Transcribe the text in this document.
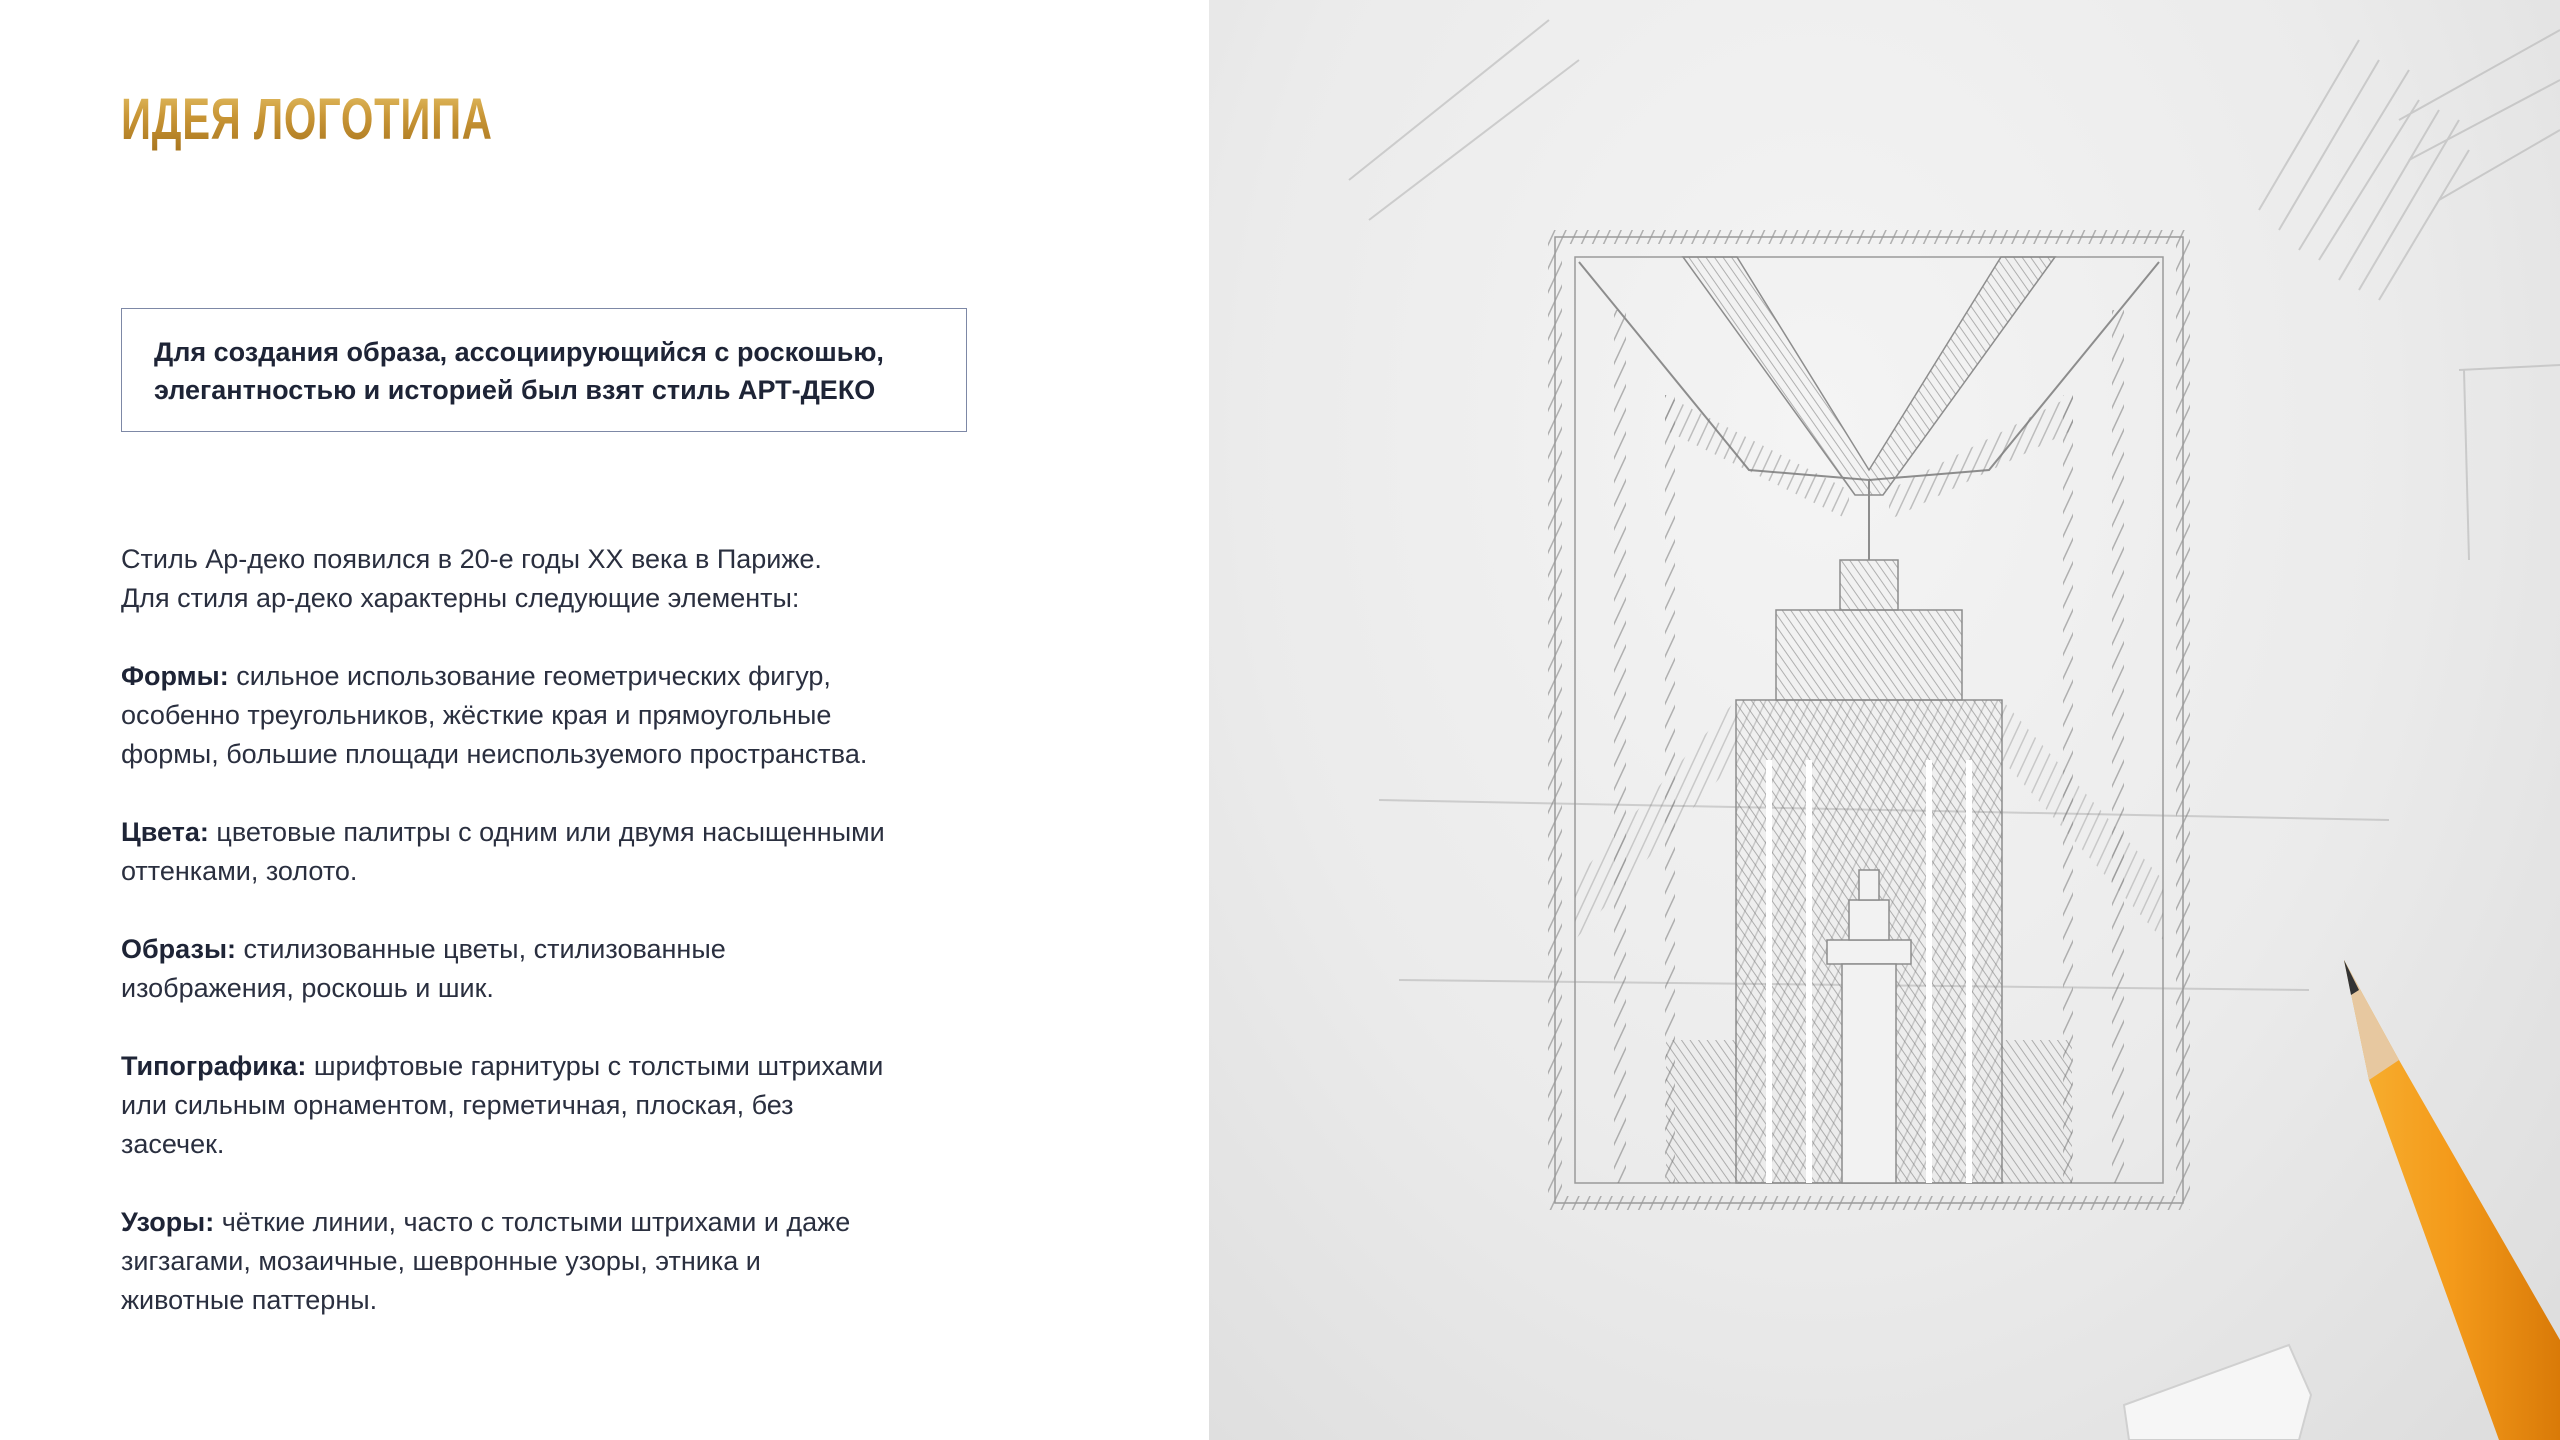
ИДЕЯ ЛОГОТИПА
Для создания образа, ассоциирующийся с роскошью,
элегантностью и историей был взят стиль АРТ-ДЕКО

Стиль Ар-деко появился в 20-е годы XX века в Париже.

Для стиля ар-деко характерны следующие элементы:

Формы: сильное использование геометрических фигур,

особенно треугольников, жёсткие края и прямоугольные

формы, большие площади неиспользуемого пространства.

Цвета: цветовые палитры с одним или двумя насыщенными

оттенками, золото.

Образы: стилизованные цветы, стилизованные

изображения, роскошь и шик.

Типографика: шрифтовые гарнитуры с толстыми штрихами

или сильным орнаментом, герметичная, плоская, без

засечек.

Узоры: чёткие линии, часто с толстыми штрихами и даже

зигзагами, мозаичные, шевронные узоры, этника и

животные паттерны.
